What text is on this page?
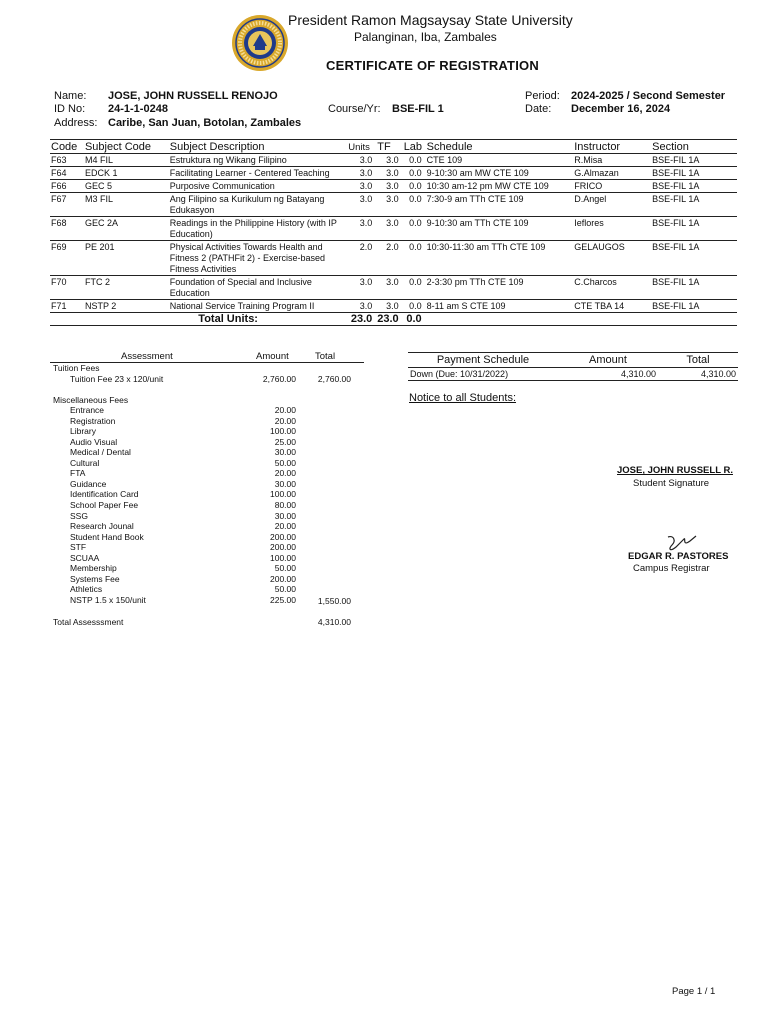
President Ramon Magsaysay State University
Palanginan, Iba, Zambales
CERTIFICATE OF REGISTRATION
Name: JOSE, JOHN RUSSELL RENOJO
ID No: 24-1-1-0248
Address: Caribe, San Juan, Botolan, Zambales
Course/Yr: BSE-FIL 1
Period: 2024-2025 / Second Semester
Date: December 16, 2024
Code	Subject Code	Subject Description	Units	TF	Lab	Schedule	Instructor	Section
F63	M4 FIL	Estruktura ng Wikang Filipino	3.0	3.0	0.0	CTE 109	R.Misa	BSE-FIL 1A
F64	EDCK 1	Facilitating Learner - Centered Teaching	3.0	3.0	0.0	9-10:30 am MW CTE 109	G.Almazan	BSE-FIL 1A
F66	GEC 5	Purposive Communication	3.0	3.0	0.0	10:30 am-12 pm MW CTE 109	FRICO	BSE-FIL 1A
F67	M3 FIL	Ang Filipino sa Kurikulum ng Batayang Edukasyon	3.0	3.0	0.0	7:30-9 am TTh CTE 109	D.Angel	BSE-FIL 1A
F68	GEC 2A	Readings in the Philippine History (with IP Education)	3.0	3.0	0.0	9-10:30 am TTh CTE 109	Ieflores	BSE-FIL 1A
F69	PE 201	Physical Activities Towards Health and Fitness 2 (PATHFit 2) - Exercise-based Fitness Activities	2.0	2.0	0.0	10:30-11:30 am TTh CTE 109	GELAUGOS	BSE-FIL 1A
F70	FTC 2	Foundation of Special and Inclusive Education	3.0	3.0	0.0	2-3:30 pm TTh CTE 109	C.Charcos	BSE-FIL 1A
F71	NSTP 2	National Service Training Program II	3.0	3.0	0.0	8-11 am S CTE 109	CTE TBA 14	BSE-FIL 1A
Total Units:			23.0	23.0	0.0			
Assessment	Amount	Total
Tuition Fees
Tuition Fee 23 x 120/unit	2,760.00	2,760.00
Miscellaneous Fees
Entrance	20.00
Registration	20.00
Library	100.00
Audio Visual	25.00
Medical / Dental	30.00
Cultural	50.00
FTA	20.00
Guidance	30.00
Identification Card	100.00
School Paper Fee	80.00
SSG	30.00
Research Jounal	20.00
Student Hand Book	200.00
STF	200.00
SCUAA	100.00
Membership	50.00
Systems Fee	200.00
Athletics	50.00
NSTP 1.5 x 150/unit	225.00	1,550.00
Total Assesssment	4,310.00
Payment Schedule	Amount	Total
Down (Due: 10/31/2022)	4,310.00	4,310.00
Notice to all Students:
JOSE, JOHN RUSSELL R.
Student Signature
EDGAR R. PASTORES
Campus Registrar
Page 1 / 1
